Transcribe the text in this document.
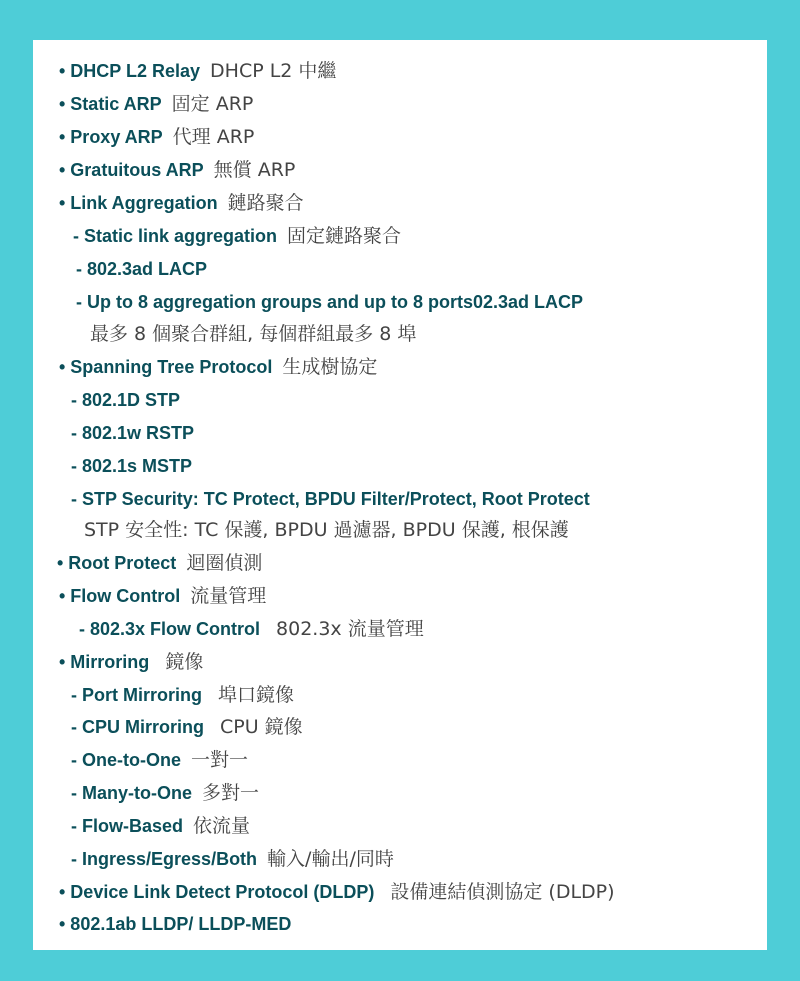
• DHCP L2 Relay DHCP L2 中繼
• Static ARP 固定 ARP
• Proxy ARP 代理 ARP
• Gratuitous ARP 無償 ARP
• Link Aggregation 鏈路聚合
- Static link aggregation 固定鏈路聚合
- 802.3ad LACP
- Up to 8 aggregation groups and up to 8 ports02.3ad LACP
最多 8 個聚合群組, 每個群組最多 8 埠
• Spanning Tree Protocol 生成樹協定
- 802.1D STP
- 802.1w RSTP
- 802.1s MSTP
- STP Security: TC Protect, BPDU Filter/Protect, Root Protect
STP 安全性: TC 保護, BPDU 過濾器, BPDU 保護, 根保護
• Root Protect 迴圈偵測
• Flow Control 流量管理
- 802.3x Flow Control 802.3x 流量管理
• Mirroring 鏡像
- Port Mirroring 埠口鏡像
- CPU Mirroring CPU 鏡像
- One-to-One 一對一
- Many-to-One 多對一
- Flow-Based 依流量
- Ingress/Egress/Both 輸入/輸出/同時
• Device Link Detect Protocol (DLDP) 設備連結偵測協定 (DLDP)
• 802.1ab LLDP/ LLDP-MED
